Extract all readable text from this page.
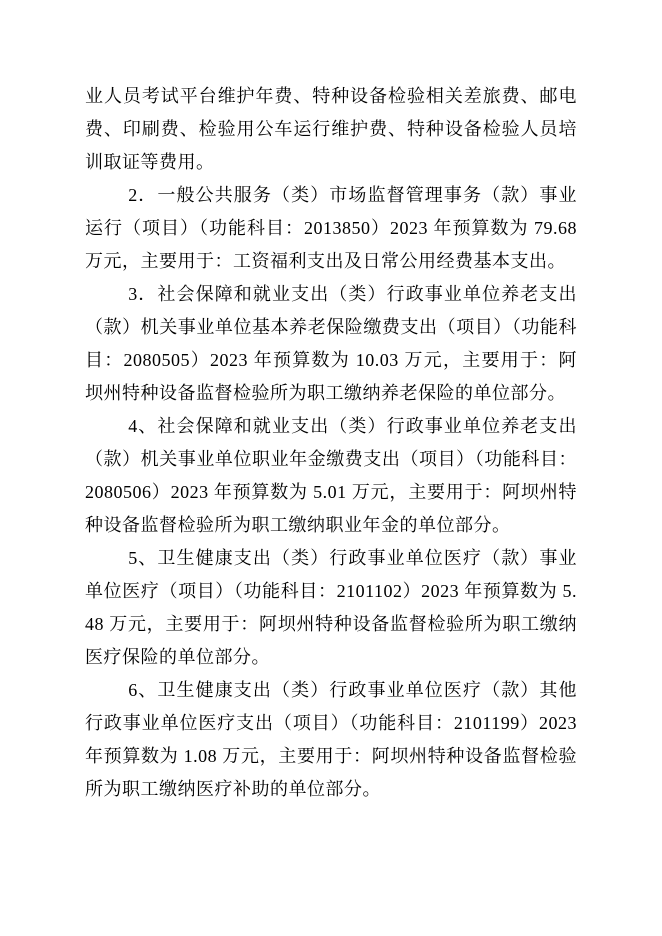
业人员考试平台维护年费、特种设备检验相关差旅费、邮电费、印刷费、检验用公车运行维护费、特种设备检验人员培训取证等费用。

2．一般公共服务（类）市场监督管理事务（款）事业运行（项目）（功能科目：2013850）2023 年预算数为 79.68 万元，主要用于：工资福利支出及日常公用经费基本支出。

3．社会保障和就业支出（类）行政事业单位养老支出（款）机关事业单位基本养老保险缴费支出（项目）（功能科目：2080505）2023 年预算数为 10.03 万元，主要用于：阿坝州特种设备监督检验所为职工缴纳养老保险的单位部分。

4、社会保障和就业支出（类）行政事业单位养老支出（款）机关事业单位职业年金缴费支出（项目）（功能科目：2080506）2023 年预算数为 5.01 万元，主要用于：阿坝州特种设备监督检验所为职工缴纳职业年金的单位部分。

5、卫生健康支出（类）行政事业单位医疗（款）事业单位医疗（项目）（功能科目：2101102）2023 年预算数为 5.48 万元，主要用于：阿坝州特种设备监督检验所为职工缴纳医疗保险的单位部分。

6、卫生健康支出（类）行政事业单位医疗（款）其他行政事业单位医疗支出（项目）（功能科目：2101199）2023 年预算数为 1.08 万元，主要用于：阿坝州特种设备监督检验所为职工缴纳医疗补助的单位部分。
